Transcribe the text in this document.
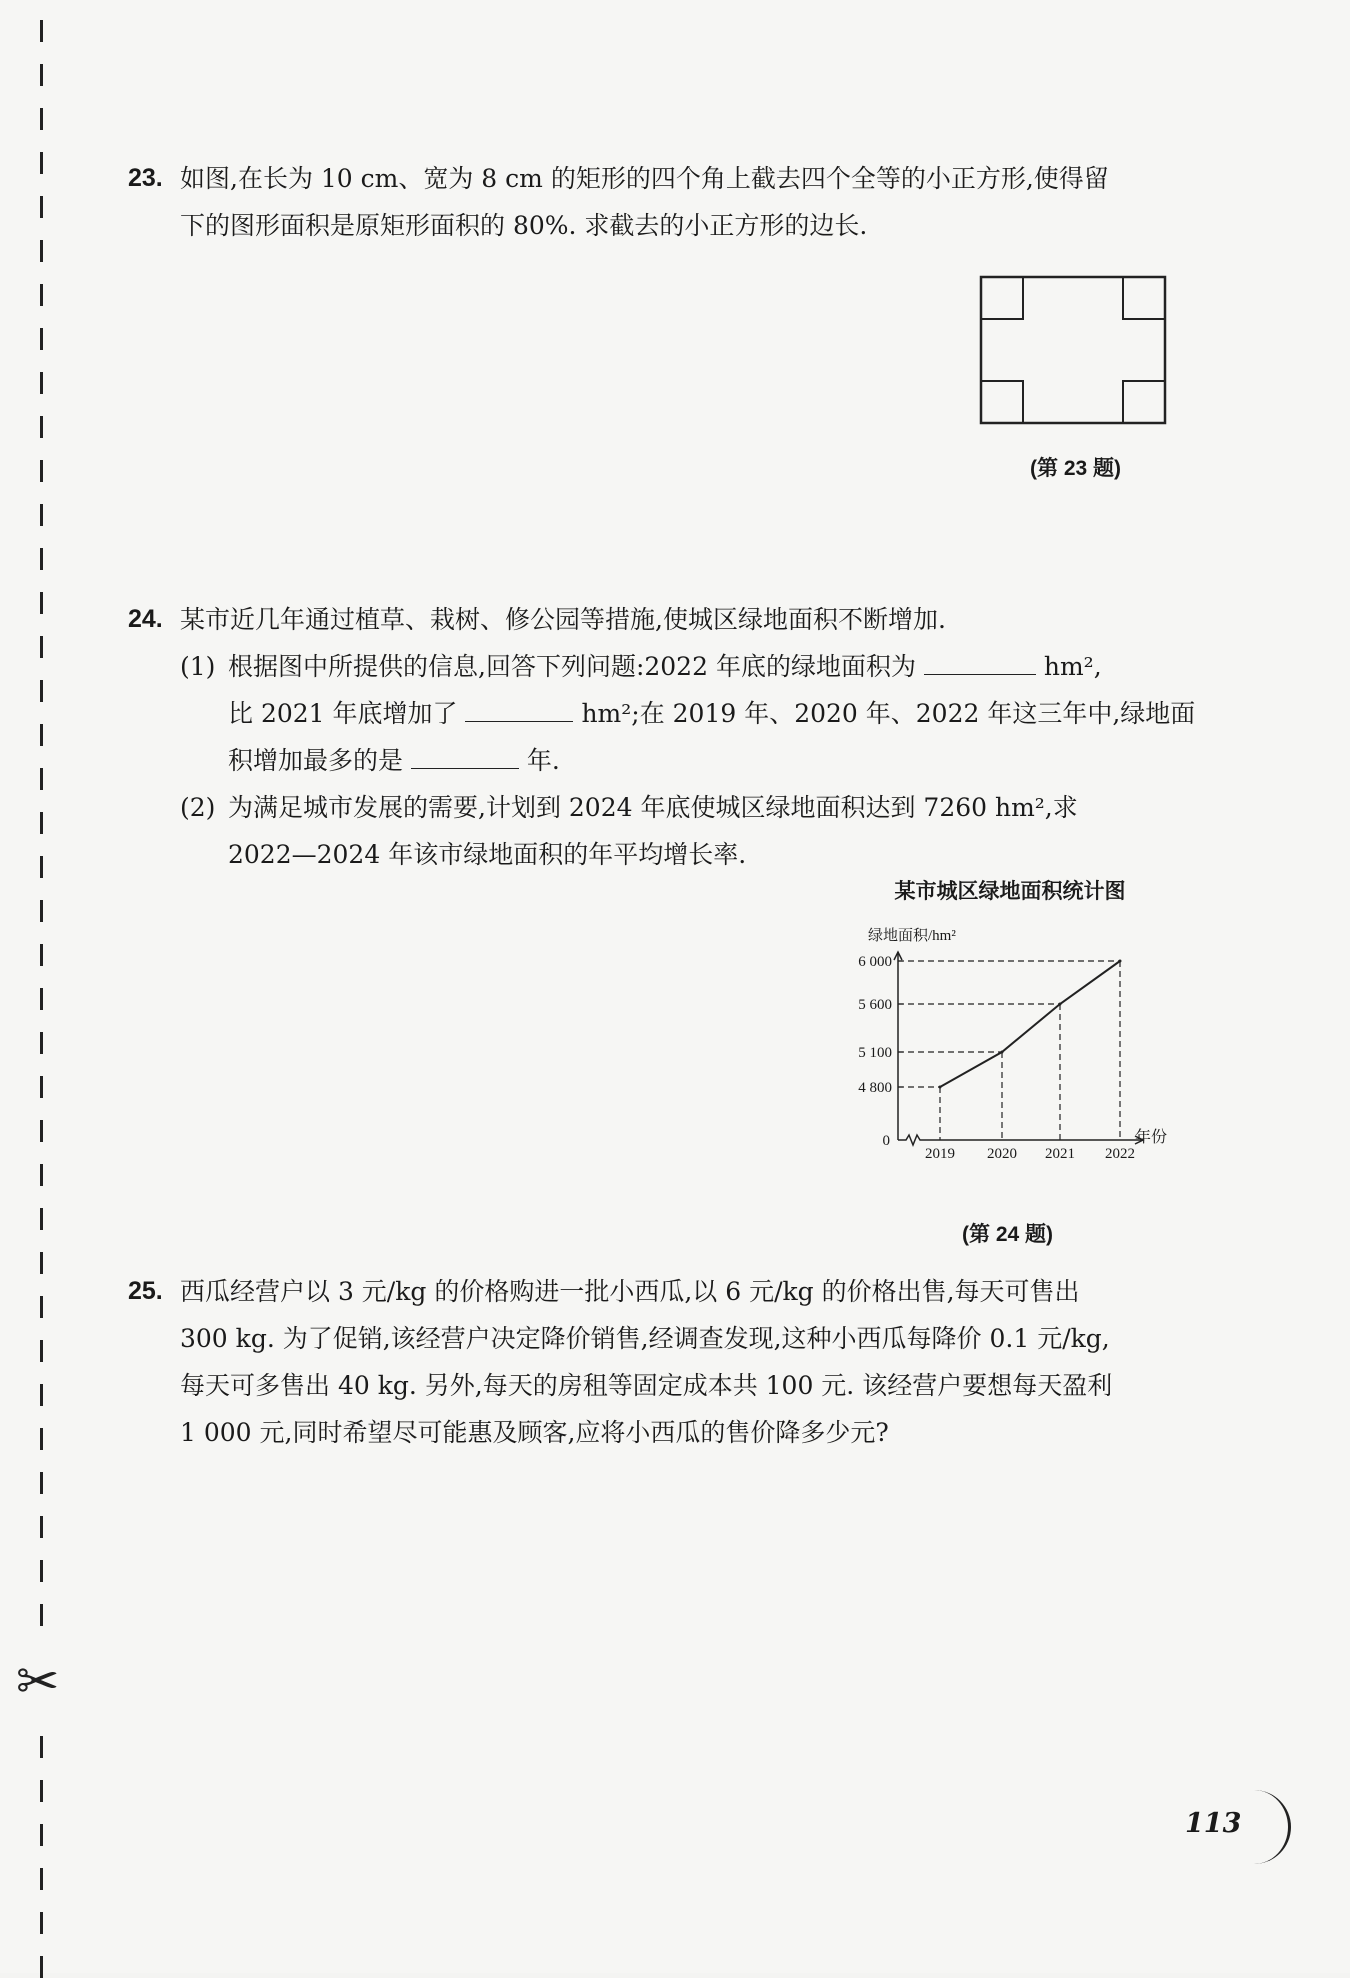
✂
23. 如图,在长为 10 cm、宽为 8 cm 的矩形的四个角上截去四个全等的小正方形,使得留
下的图形面积是原矩形面积的 80%. 求截去的小正方形的边长.
(第 23 题)
24. 某市近几年通过植草、栽树、修公园等措施,使城区绿地面积不断增加.
(1) 根据图中所提供的信息,回答下列问题:2022 年底的绿地面积为	hm²,
比 2021 年底增加了	hm²;在 2019 年、2020 年、2022 年这三年中,绿地面
积增加最多的是	年.
(2) 为满足城市发展的需要,计划到 2024 年底使城区绿地面积达到 7260 hm²,求
2022—2024 年该市绿地面积的年平均增长率.
某市城区绿地面积统计图
绿地面积/hm²
年份
0
4 800
5 100
5 600
6 000
2019 2020 2021 2022
(第 24 题)
25. 西瓜经营户以 3 元/kg 的价格购进一批小西瓜,以 6 元/kg 的价格出售,每天可售出
300 kg. 为了促销,该经营户决定降价销售,经调查发现,这种小西瓜每降价 0.1 元/kg,
每天可多售出 40 kg. 另外,每天的房租等固定成本共 100 元. 该经营户要想每天盈利
1 000 元,同时希望尽可能惠及顾客,应将小西瓜的售价降多少元?
113
